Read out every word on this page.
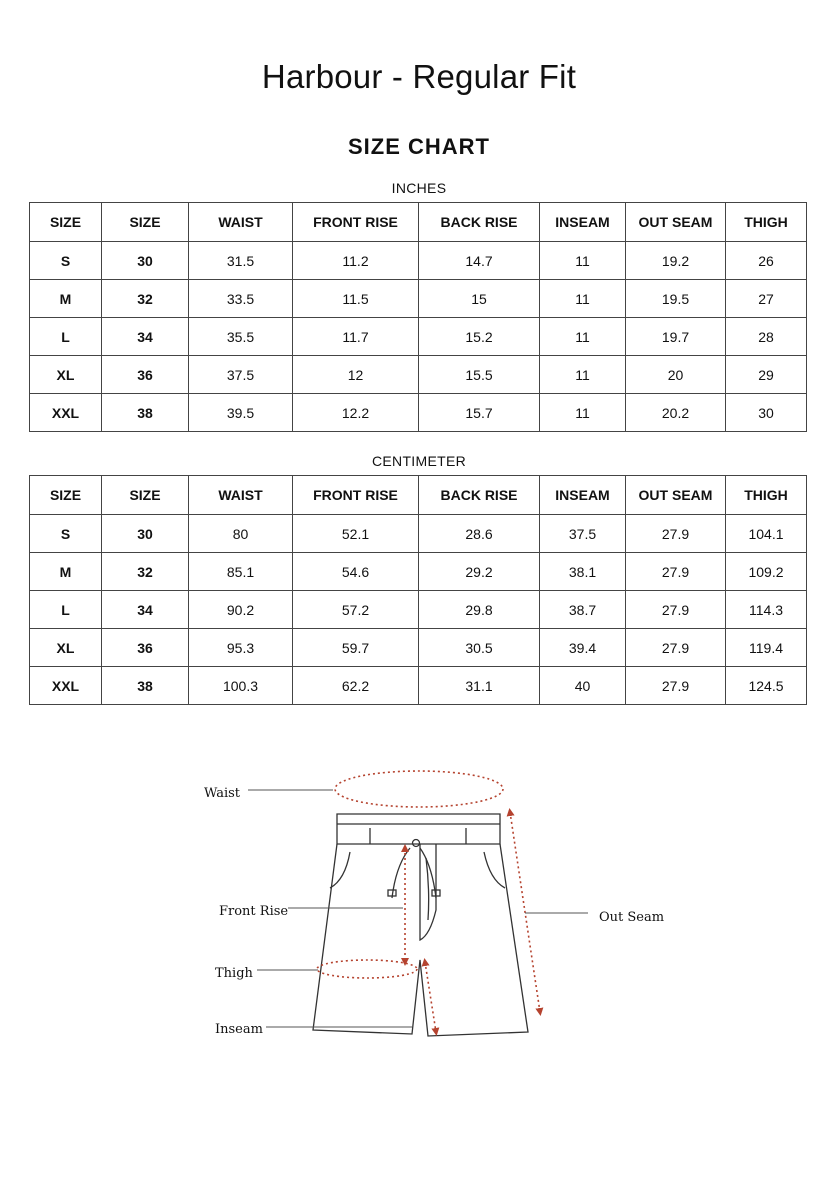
Harbour - Regular Fit
SIZE CHART
INCHES
SIZE	SIZE	WAIST	FRONT RISE	BACK RISE	INSEAM	OUT SEAM	THIGH
S	30	31.5	11.2	14.7	11	19.2	26
M	32	33.5	11.5	15	11	19.5	27
L	34	35.5	11.7	15.2	11	19.7	28
XL	36	37.5	12	15.5	11	20	29
XXL	38	39.5	12.2	15.7	11	20.2	30
CENTIMETER
SIZE	SIZE	WAIST	FRONT RISE	BACK RISE	INSEAM	OUT SEAM	THIGH
S	30	80	52.1	28.6	37.5	27.9	104.1
M	32	85.1	54.6	29.2	38.1	27.9	109.2
L	34	90.2	57.2	29.8	38.7	27.9	114.3
XL	36	95.3	59.7	30.5	39.4	27.9	119.4
XXL	38	100.3	62.2	31.1	40	27.9	124.5
Waist
Front Rise
Thigh
Inseam
Out Seam
